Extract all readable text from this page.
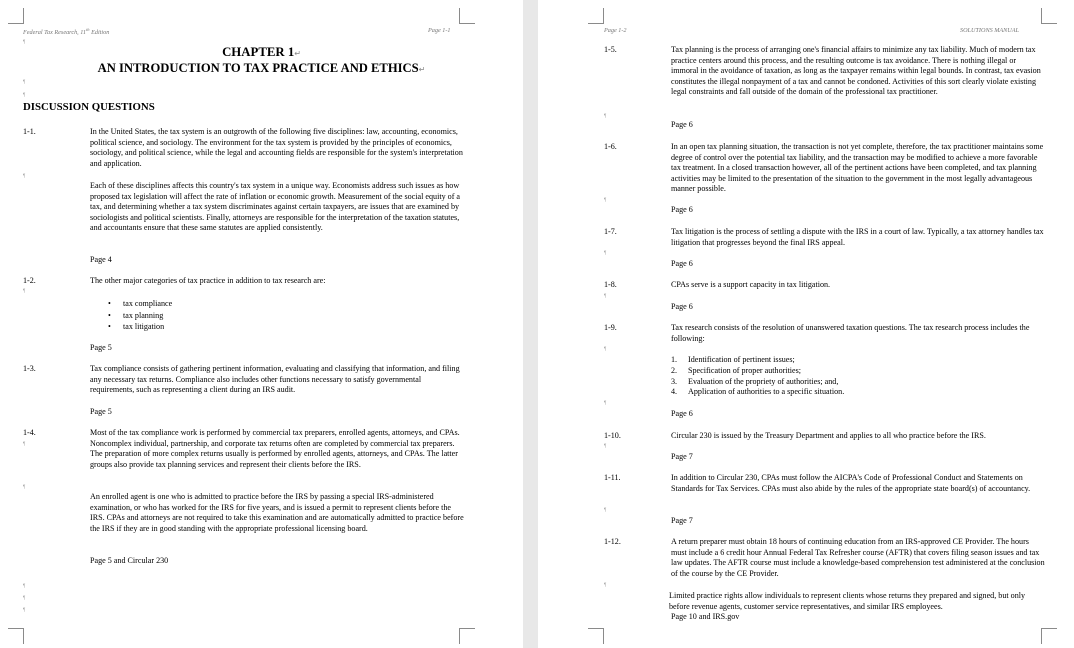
Federal Tax Research, 11th Edition	Page 1-1
CHAPTER 1↵
AN INTRODUCTION TO TAX PRACTICE AND ETHICS↵
DISCUSSION QUESTIONS
1-1.	In the United States, the tax system is an outgrowth of the following five disciplines: law, accounting, economics, political science, and sociology. The environment for the tax system is provided by the principles of economics, sociology, and political science, while the legal and accounting fields are responsible for the system's interpretation and application.
Each of these disciplines affects this country's tax system in a unique way. Economists address such issues as how proposed tax legislation will affect the rate of inflation or economic growth. Measurement of the social equity of a tax, and determining whether a tax system discriminates against certain taxpayers, are issues that are examined by sociologists and political scientists. Finally, attorneys are responsible for the interpretation of the taxation statutes, and accountants ensure that these same statutes are applied consistently.
Page 4
1-2.	The other major categories of tax practice in addition to tax research are:
• tax compliance
• tax planning
• tax litigation
Page 5
1-3.	Tax compliance consists of gathering pertinent information, evaluating and classifying that information, and filing any necessary tax returns. Compliance also includes other functions necessary to satisfy governmental requirements, such as representing a client during an IRS audit.
Page 5
1-4.	Most of the tax compliance work is performed by commercial tax preparers, enrolled agents, attorneys, and CPAs. Noncomplex individual, partnership, and corporate tax returns often are completed by commercial tax preparers. The preparation of more complex returns usually is performed by enrolled agents, attorneys, and CPAs. The latter groups also provide tax planning services and represent their clients before the IRS.
An enrolled agent is one who is admitted to practice before the IRS by passing a special IRS-administered examination, or who has worked for the IRS for five years, and is issued a permit to represent clients before the IRS. CPAs and attorneys are not required to take this examination and are automatically admitted to practice before the IRS if they are in good standing with the appropriate professional licensing board.
Page 5 and Circular 230
¶
¶
¶
¶
¶
¶
¶
¶
¶
¶
Page 1-2	SOLUTIONS MANUAL
1-5.	Tax planning is the process of arranging one's financial affairs to minimize any tax liability. Much of modern tax practice centers around this process, and the resulting outcome is tax avoidance. There is nothing illegal or immoral in the avoidance of taxation, as long as the taxpayer remains within legal bounds. In contrast, tax evasion constitutes the illegal nonpayment of a tax and cannot be condoned. Activities of this sort clearly violate existing legal constraints and fall outside of the domain of the professional tax practitioner.
Page 6
1-6.	In an open tax planning situation, the transaction is not yet complete, therefore, the tax practitioner maintains some degree of control over the potential tax liability, and the transaction may be modified to achieve a more favorable tax treatment. In a closed transaction however, all of the pertinent actions have been completed, and tax planning activities may be limited to the presentation of the situation to the government in the most legally advantageous manner possible.
Page 6
1-7.	Tax litigation is the process of settling a dispute with the IRS in a court of law. Typically, a tax attorney handles tax litigation that progresses beyond the final IRS appeal.
Page 6
1-8.	CPAs serve is a support capacity in tax litigation.
Page 6
1-9.	Tax research consists of the resolution of unanswered taxation questions. The tax research process includes the following:
1. Identification of pertinent issues;
2. Specification of proper authorities;
3. Evaluation of the propriety of authorities; and,
4. Application of authorities to a specific situation.
Page 6
1-10.	Circular 230 is issued by the Treasury Department and applies to all who practice before the IRS.
Page 7
1-11.	In addition to Circular 230, CPAs must follow the AICPA's Code of Professional Conduct and Statements on Standards for Tax Services. CPAs must also abide by the rules of the appropriate state board(s) of accountancy.
Page 7
1-12.	A return preparer must obtain 18 hours of continuing education from an IRS-approved CE Provider. The hours must include a 6 credit hour Annual Federal Tax Refresher course (AFTR) that covers filing season issues and tax law updates. The AFTR course must include a knowledge-based comprehension test administered at the conclusion of the course by the CE Provider.
Limited practice rights allow individuals to represent clients whose returns they prepared and signed, but only before revenue agents, customer service representatives, and similar IRS employees.
Page 10 and IRS.gov
¶
¶
¶
¶
¶
¶
¶
¶
¶
